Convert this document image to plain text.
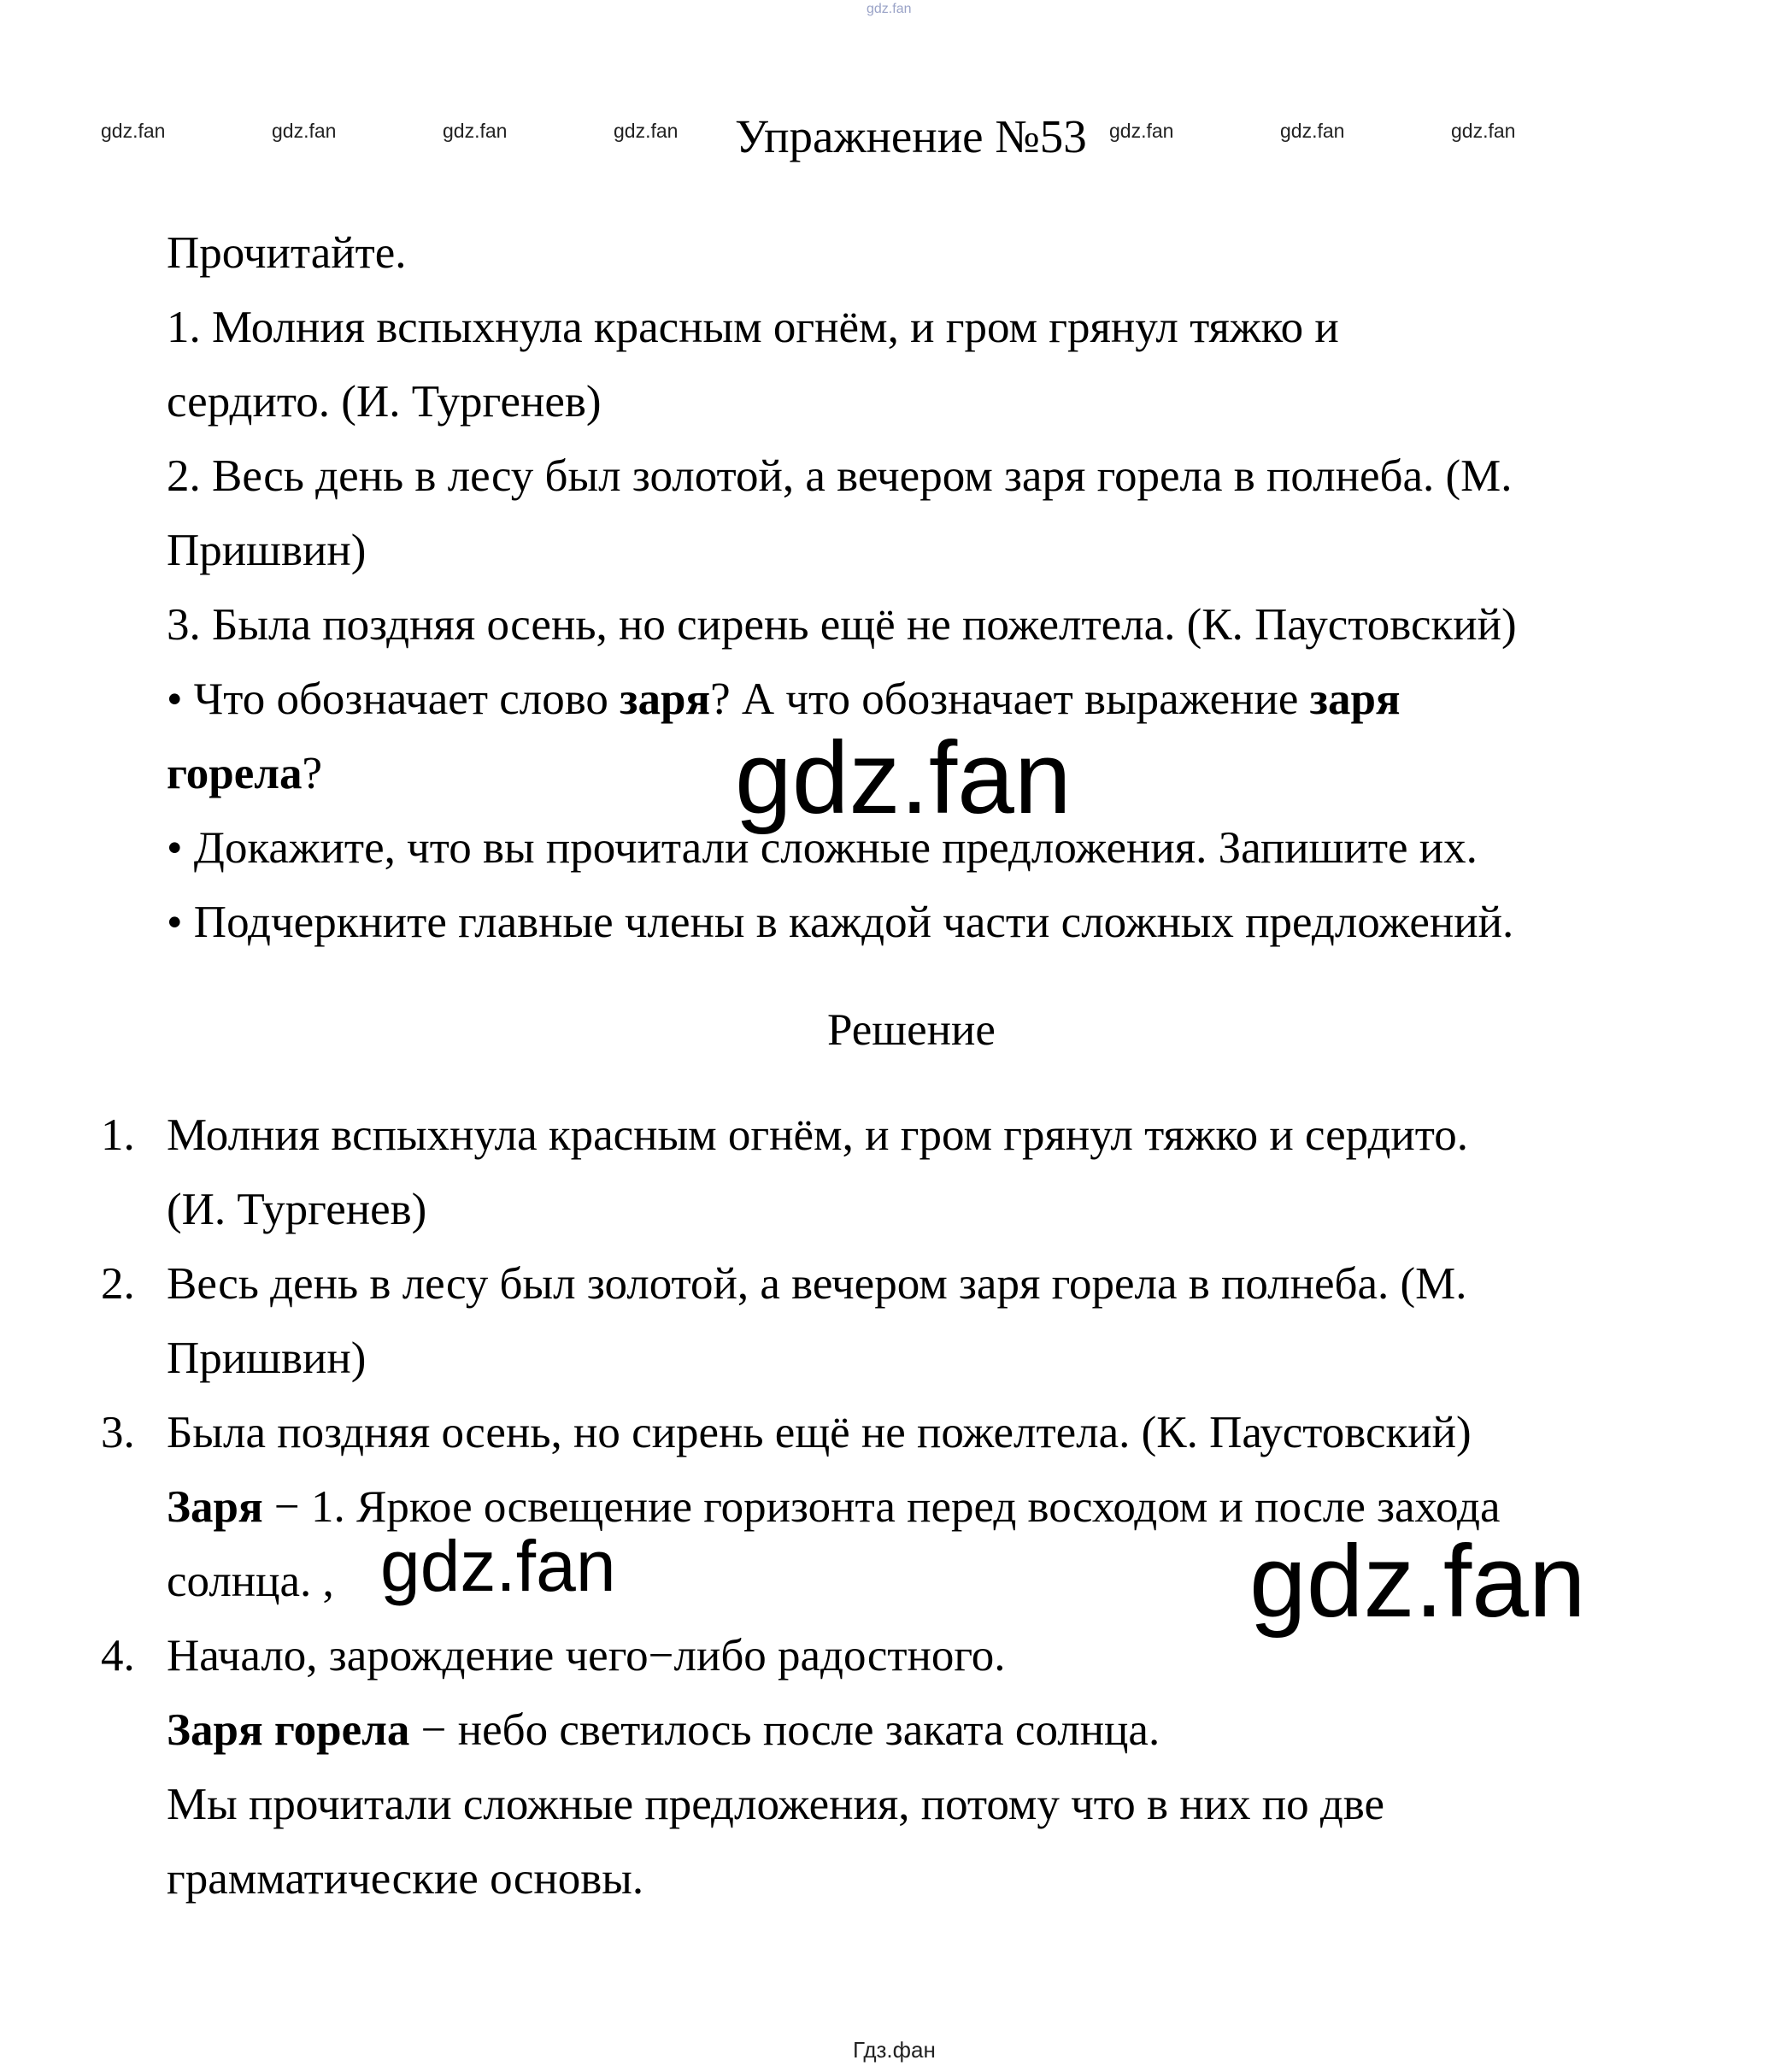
gdz.fan
gdz.fan	gdz.fan	gdz.fan	gdz.fan	gdz.fan	gdz.fan	gdz.fan
Упражнение №53
Прочитайте.
1. Молния вспыхнула красным огнём, и гром грянул тяжко и
сердито. (И. Тургенев)
2. Весь день в лесу был золотой, а вечером заря горела в полнеба. (М.
Пришвин)
3. Была поздняя осень, но сирень ещё не пожелтела. (К. Паустовский)
• Что обозначает слово заря? А что обозначает выражение заря
горела?
• Докажите, что вы прочитали сложные предложения. Запишите их.
• Подчеркните главные члены в каждой части сложных предложений.
gdz.fan
Решение
1. Молния вспыхнула красным огнём, и гром грянул тяжко и сердито.
(И. Тургенев)
2. Весь день в лесу был золотой, а вечером заря горела в полнеба. (М.
Пришвин)
3. Была поздняя осень, но сирень ещё не пожелтела. (К. Паустовский)
Заря − 1. Яркое освещение горизонта перед восходом и после захода
солнца. , gdz.fan	gdz.fan
4. Начало, зарождение чего−либо радостного.
Заря горела − небо светилось после заката солнца.
Мы прочитали сложные предложения, потому что в них по две
грамматические основы.
Гдз.фан
